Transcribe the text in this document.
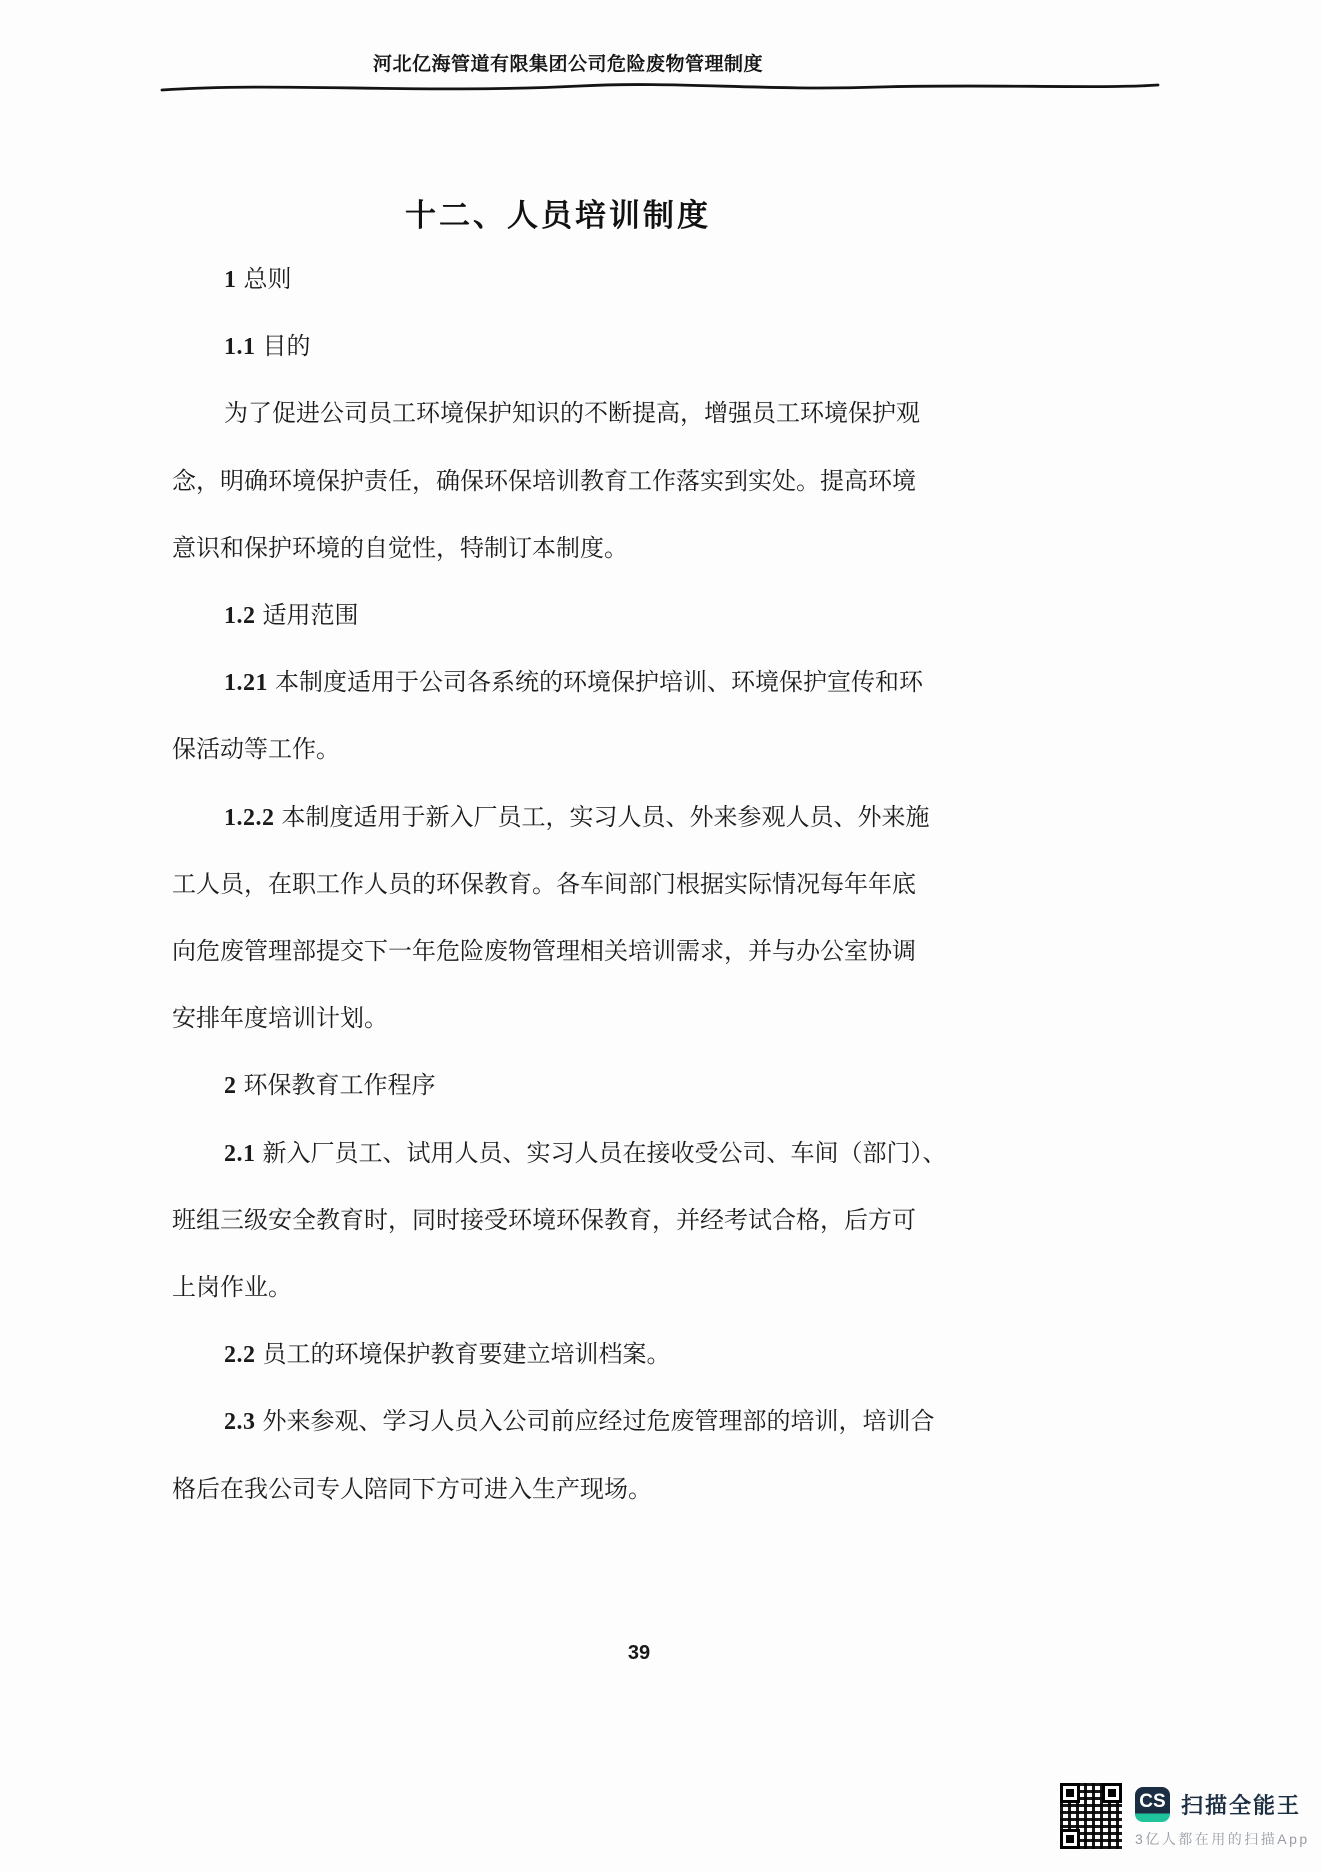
河北亿海管道有限集团公司危险废物管理制度
十二、人员培训制度
1 总则
1.1 目的
为了促进公司员工环境保护知识的不断提高，增强员工环境保护观
念，明确环境保护责任，确保环保培训教育工作落实到实处。提高环境
意识和保护环境的自觉性，特制订本制度。
1.2 适用范围
1.21 本制度适用于公司各系统的环境保护培训、环境保护宣传和环
保活动等工作。
1.2.2 本制度适用于新入厂员工，实习人员、外来参观人员、外来施
工人员，在职工作人员的环保教育。各车间部门根据实际情况每年年底
向危废管理部提交下一年危险废物管理相关培训需求，并与办公室协调
安排年度培训计划。
2 环保教育工作程序
2.1 新入厂员工、试用人员、实习人员在接收受公司、车间（部门）、
班组三级安全教育时，同时接受环境环保教育，并经考试合格，后方可
上岗作业。
2.2 员工的环境保护教育要建立培训档案。
2.3 外来参观、学习人员入公司前应经过危废管理部的培训，培训合
格后在我公司专人陪同下方可进入生产现场。
39
CS 扫描全能王
3亿人都在用的扫描App
